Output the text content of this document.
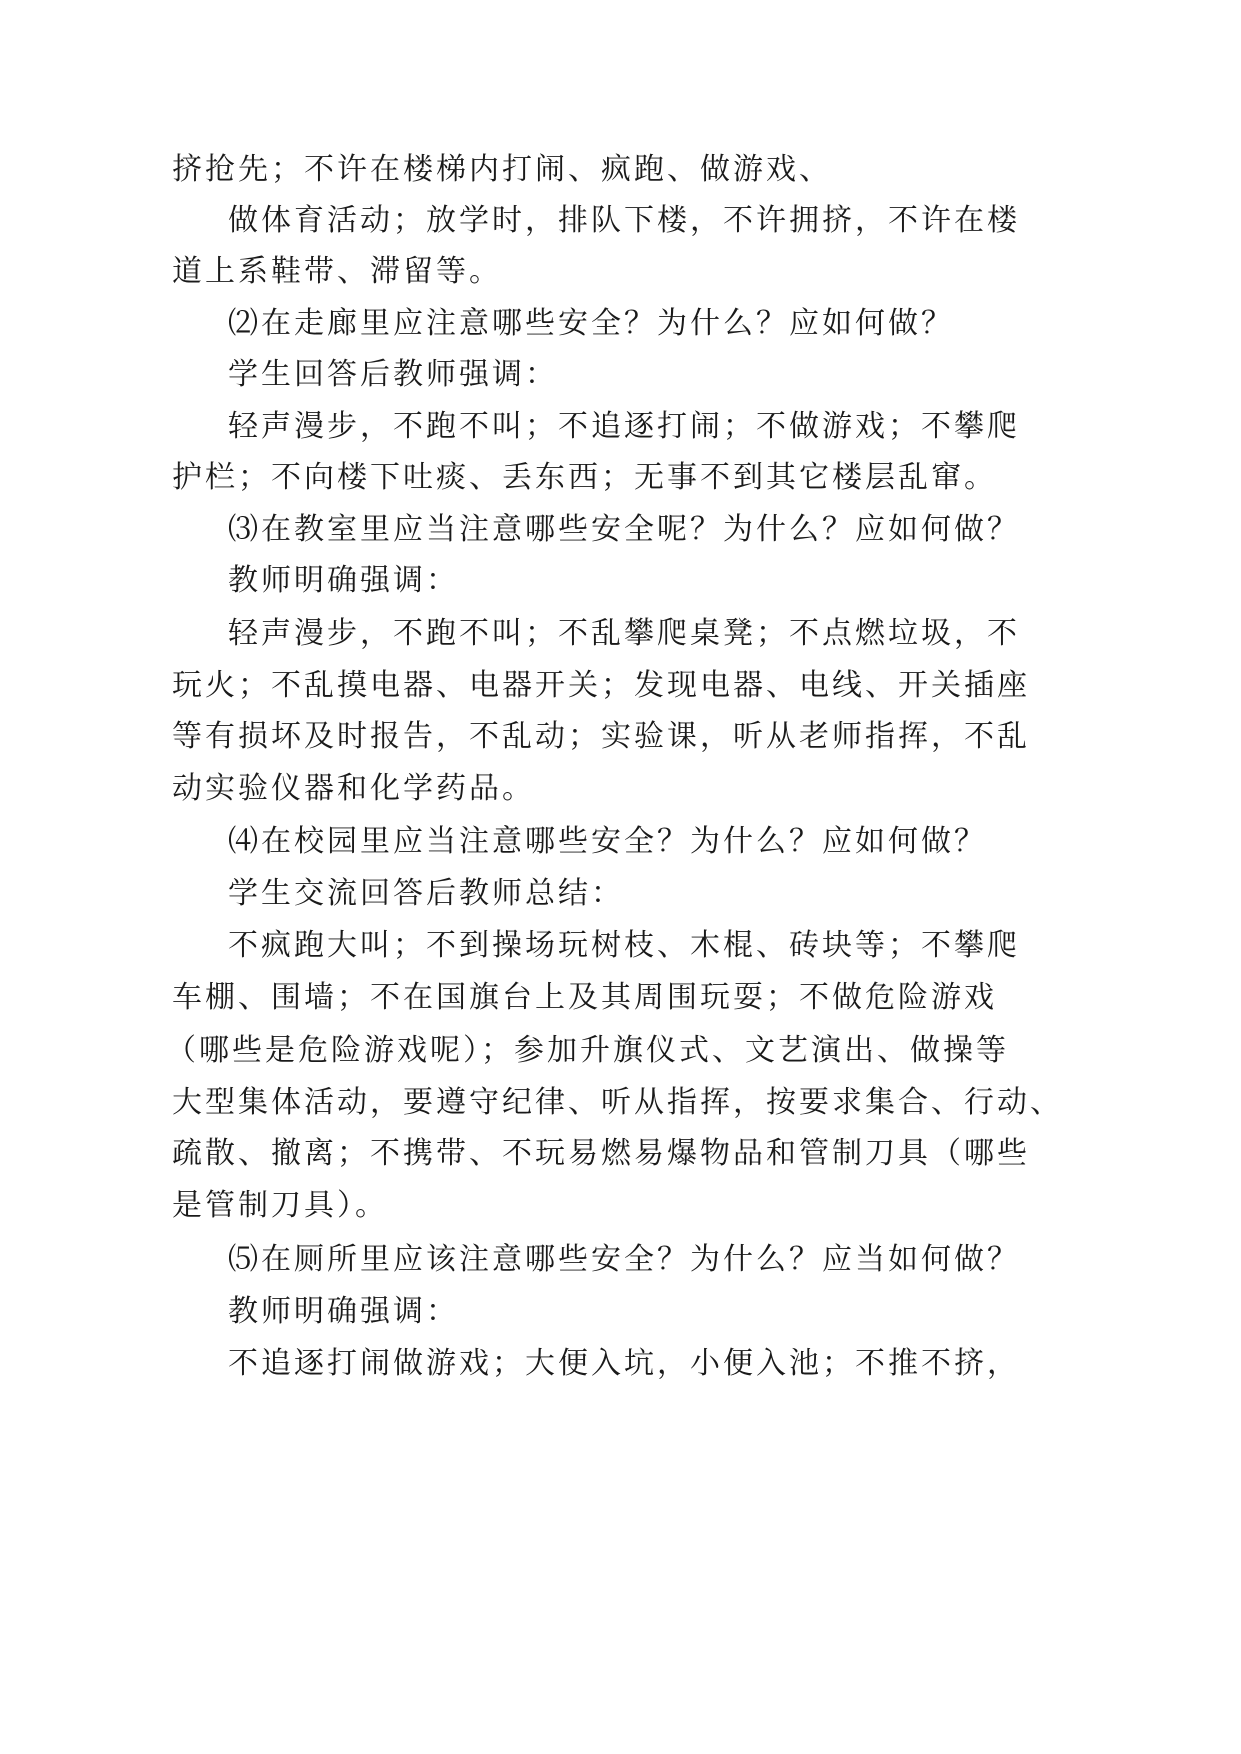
挤抢先；不许在楼梯内打闹、疯跑、做游戏、
做体育活动；放学时，排队下楼，不许拥挤，不许在楼
道上系鞋带、滞留等。
⑵在走廊里应注意哪些安全？为什么？应如何做？
学生回答后教师强调：
轻声漫步，不跑不叫；不追逐打闹；不做游戏；不攀爬
护栏；不向楼下吐痰、丢东西；无事不到其它楼层乱窜。
⑶在教室里应当注意哪些安全呢？为什么？应如何做？
教师明确强调：
轻声漫步，不跑不叫；不乱攀爬桌凳；不点燃垃圾，不
玩火；不乱摸电器、电器开关；发现电器、电线、开关插座
等有损坏及时报告，不乱动；实验课，听从老师指挥，不乱
动实验仪器和化学药品。
⑷在校园里应当注意哪些安全？为什么？应如何做？
学生交流回答后教师总结：
不疯跑大叫；不到操场玩树枝、木棍、砖块等；不攀爬
车棚、围墙；不在国旗台上及其周围玩耍；不做危险游戏
（哪些是危险游戏呢）；参加升旗仪式、文艺演出、做操等
大型集体活动，要遵守纪律、听从指挥，按要求集合、行动、
疏散、撤离；不携带、不玩易燃易爆物品和管制刀具（哪些
是管制刀具）。
⑸在厕所里应该注意哪些安全？为什么？应当如何做？
教师明确强调：
不追逐打闹做游戏；大便入坑，小便入池；不推不挤，
